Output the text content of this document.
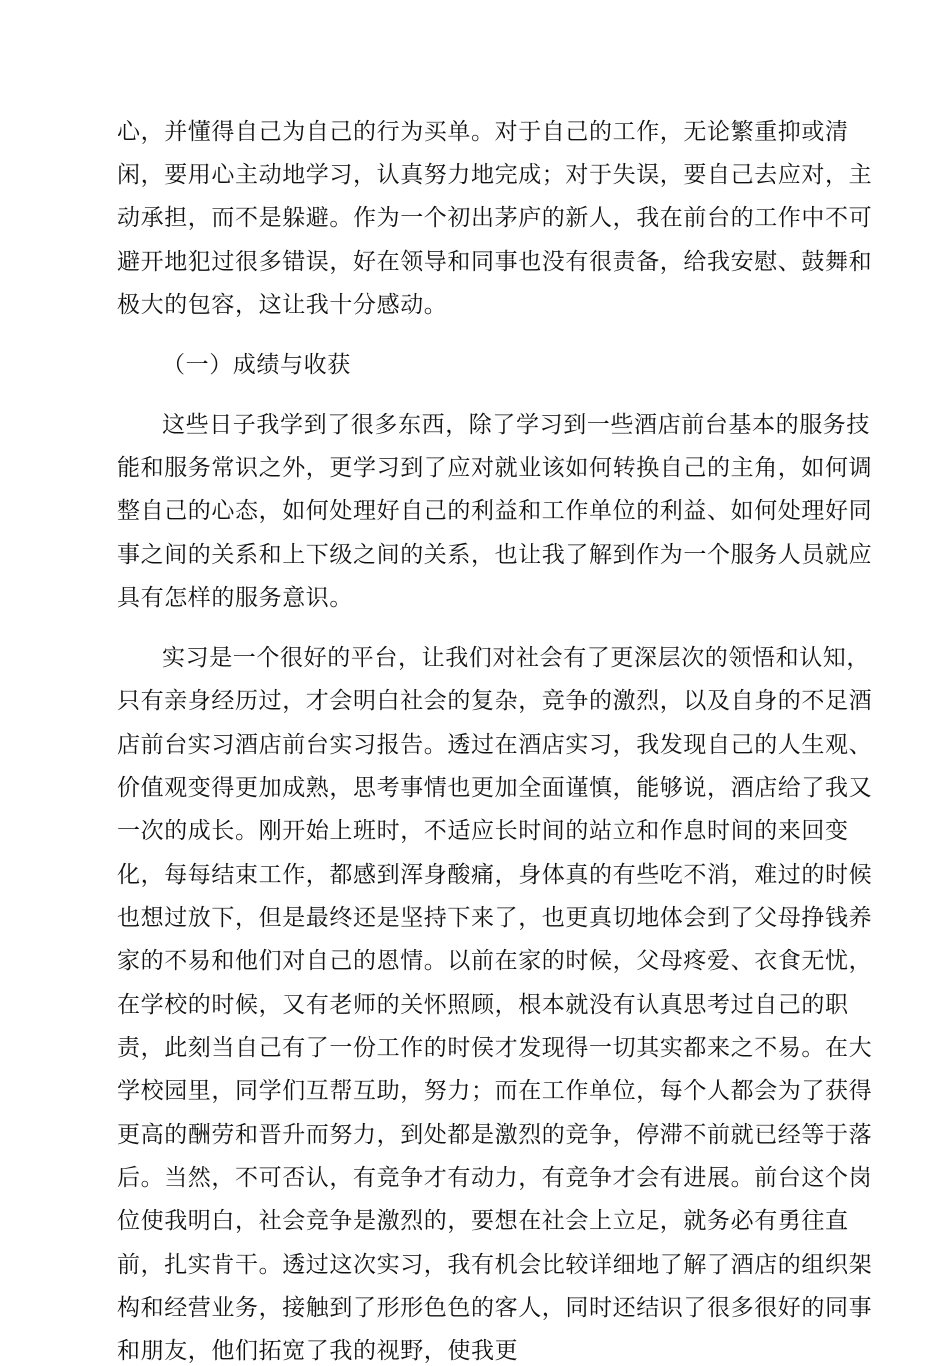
心，并懂得自己为自己的行为买单。对于自己的工作，无论繁重抑或清

闲，要用心主动地学习，认真努力地完成；对于失误，要自己去应对，主

动承担，而不是躲避。作为一个初出茅庐的新人，我在前台的工作中不可

避开地犯过很多错误，好在领导和同事也没有很责备，给我安慰、鼓舞和

极大的包容，这让我十分感动。

（一）成绩与收获

这些日子我学到了很多东西，除了学习到一些酒店前台基本的服务技

能和服务常识之外，更学习到了应对就业该如何转换自己的主角，如何调

整自己的心态，如何处理好自己的利益和工作单位的利益、如何处理好同

事之间的关系和上下级之间的关系，也让我了解到作为一个服务人员就应

具有怎样的服务意识。

实习是一个很好的平台，让我们对社会有了更深层次的领悟和认知，

只有亲身经历过，才会明白社会的复杂，竞争的激烈，以及自身的不足酒

店前台实习酒店前台实习报告。透过在酒店实习，我发现自己的人生观、

价值观变得更加成熟，思考事情也更加全面谨慎，能够说，酒店给了我又

一次的成长。刚开始上班时，不适应长时间的站立和作息时间的来回变

化，每每结束工作，都感到浑身酸痛，身体真的有些吃不消，难过的时候

也想过放下，但是最终还是坚持下来了，也更真切地体会到了父母挣钱养

家的不易和他们对自己的恩情。以前在家的时候，父母疼爱、衣食无忧，

在学校的时候，又有老师的关怀照顾，根本就没有认真思考过自己的职

责，此刻当自己有了一份工作的时侯才发现得一切其实都来之不易。在大

学校园里，同学们互帮互助，努力；而在工作单位，每个人都会为了获得

更高的酬劳和晋升而努力，到处都是激烈的竞争，停滞不前就已经等于落

后。当然，不可否认，有竞争才有动力，有竞争才会有进展。前台这个岗

位使我明白，社会竞争是激烈的，要想在社会上立足，就务必有勇往直

前，扎实肯干。透过这次实习，我有机会比较详细地了解了酒店的组织架

构和经营业务，接触到了形形色色的客人，同时还结识了很多很好的同事

和朋友，他们拓宽了我的视野，使我更
